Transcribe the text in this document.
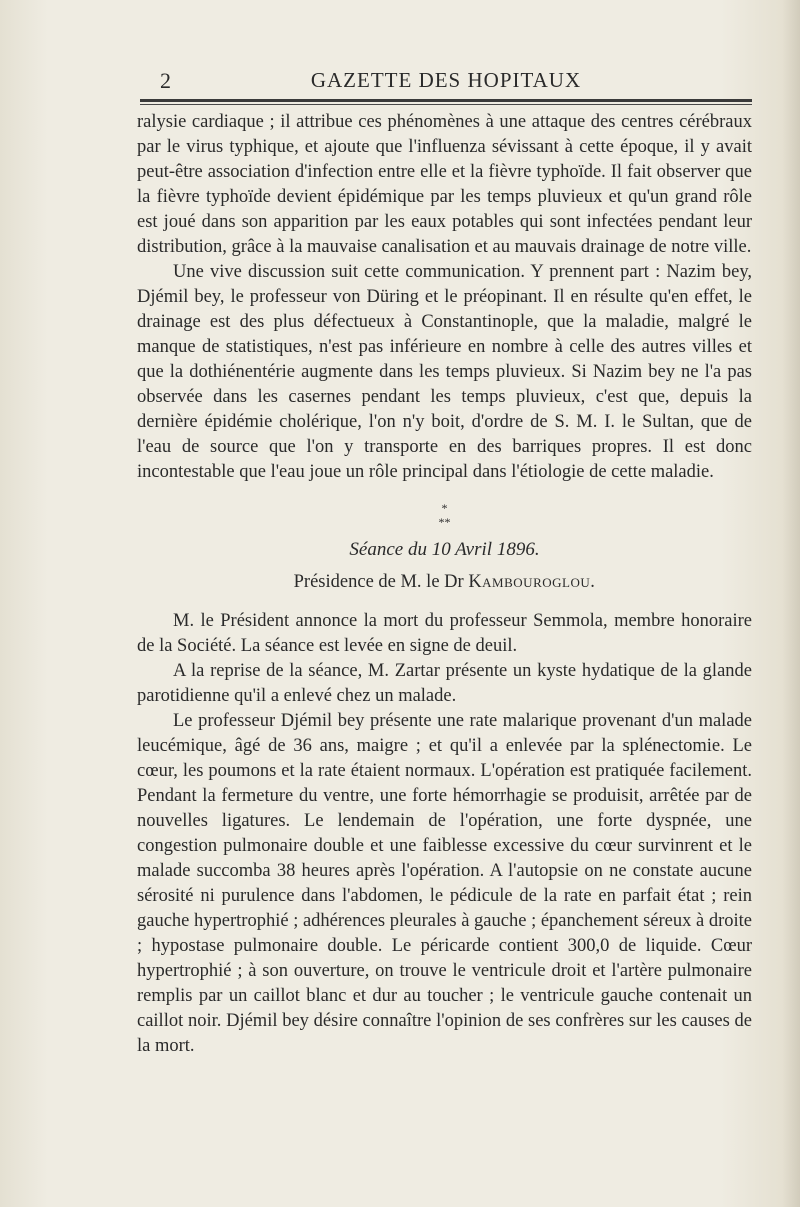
2	GAZETTE DES HOPITAUX

ralysie cardiaque ; il attribue ces phénomènes à une attaque des centres cérébraux par le virus typhique, et ajoute que l'influenza sévissant à cette époque, il y avait peut-être association d'infection entre elle et la fièvre typhoïde. Il fait observer que la fièvre typhoïde devient épidémique par les temps pluvieux et qu'un grand rôle est joué dans son apparition par les eaux potables qui sont infectées pendant leur distribution, grâce à la mauvaise canalisation et au mauvais drainage de notre ville.

Une vive discussion suit cette communication. Y prennent part : Nazim bey, Djémil bey, le professeur von Düring et le préopinant. Il en résulte qu'en effet, le drainage est des plus défectueux à Constantinople, que la maladie, malgré le manque de statistiques, n'est pas inférieure en nombre à celle des autres villes et que la dothiénentérie augmente dans les temps pluvieux. Si Nazim bey ne l'a pas observée dans les casernes pendant les temps pluvieux, c'est que, depuis la dernière épidémie cholérique, l'on n'y boit, d'ordre de S. M. I. le Sultan, que de l'eau de source que l'on y transporte en des barriques propres. Il est donc incontestable que l'eau joue un rôle principal dans l'étiologie de cette maladie.

*
**
Séance du 10 Avril 1896.
Présidence de M. le Dr Kambouroglou.

M. le Président annonce la mort du professeur Semmola, membre honoraire de la Société. La séance est levée en signe de deuil.

A la reprise de la séance, M. Zartar présente un kyste hydatique de la glande parotidienne qu'il a enlevé chez un malade.

Le professeur Djémil bey présente une rate malarique provenant d'un malade leucémique, âgé de 36 ans, maigre ; et qu'il a enlevée par la splénectomie. Le cœur, les poumons et la rate étaient normaux. L'opération est pratiquée facilement. Pendant la fermeture du ventre, une forte hémorrhagie se produisit, arrêtée par de nouvelles ligatures. Le lendemain de l'opération, une forte dyspnée, une congestion pulmonaire double et une faiblesse excessive du cœur survinrent et le malade succomba 38 heures après l'opération. A l'autopsie on ne constate aucune sérosité ni purulence dans l'abdomen, le pédicule de la rate en parfait état ; rein gauche hypertrophié ; adhérences pleurales à gauche ; épanchement séreux à droite ; hypostase pulmonaire double. Le péricarde contient 300,0 de liquide. Cœur hypertrophié ; à son ouverture, on trouve le ventricule droit et l'artère pulmonaire remplis par un caillot blanc et dur au toucher ; le ventricule gauche contenait un caillot noir. Djémil bey désire connaître l'opinion de ses confrères sur les causes de la mort.
